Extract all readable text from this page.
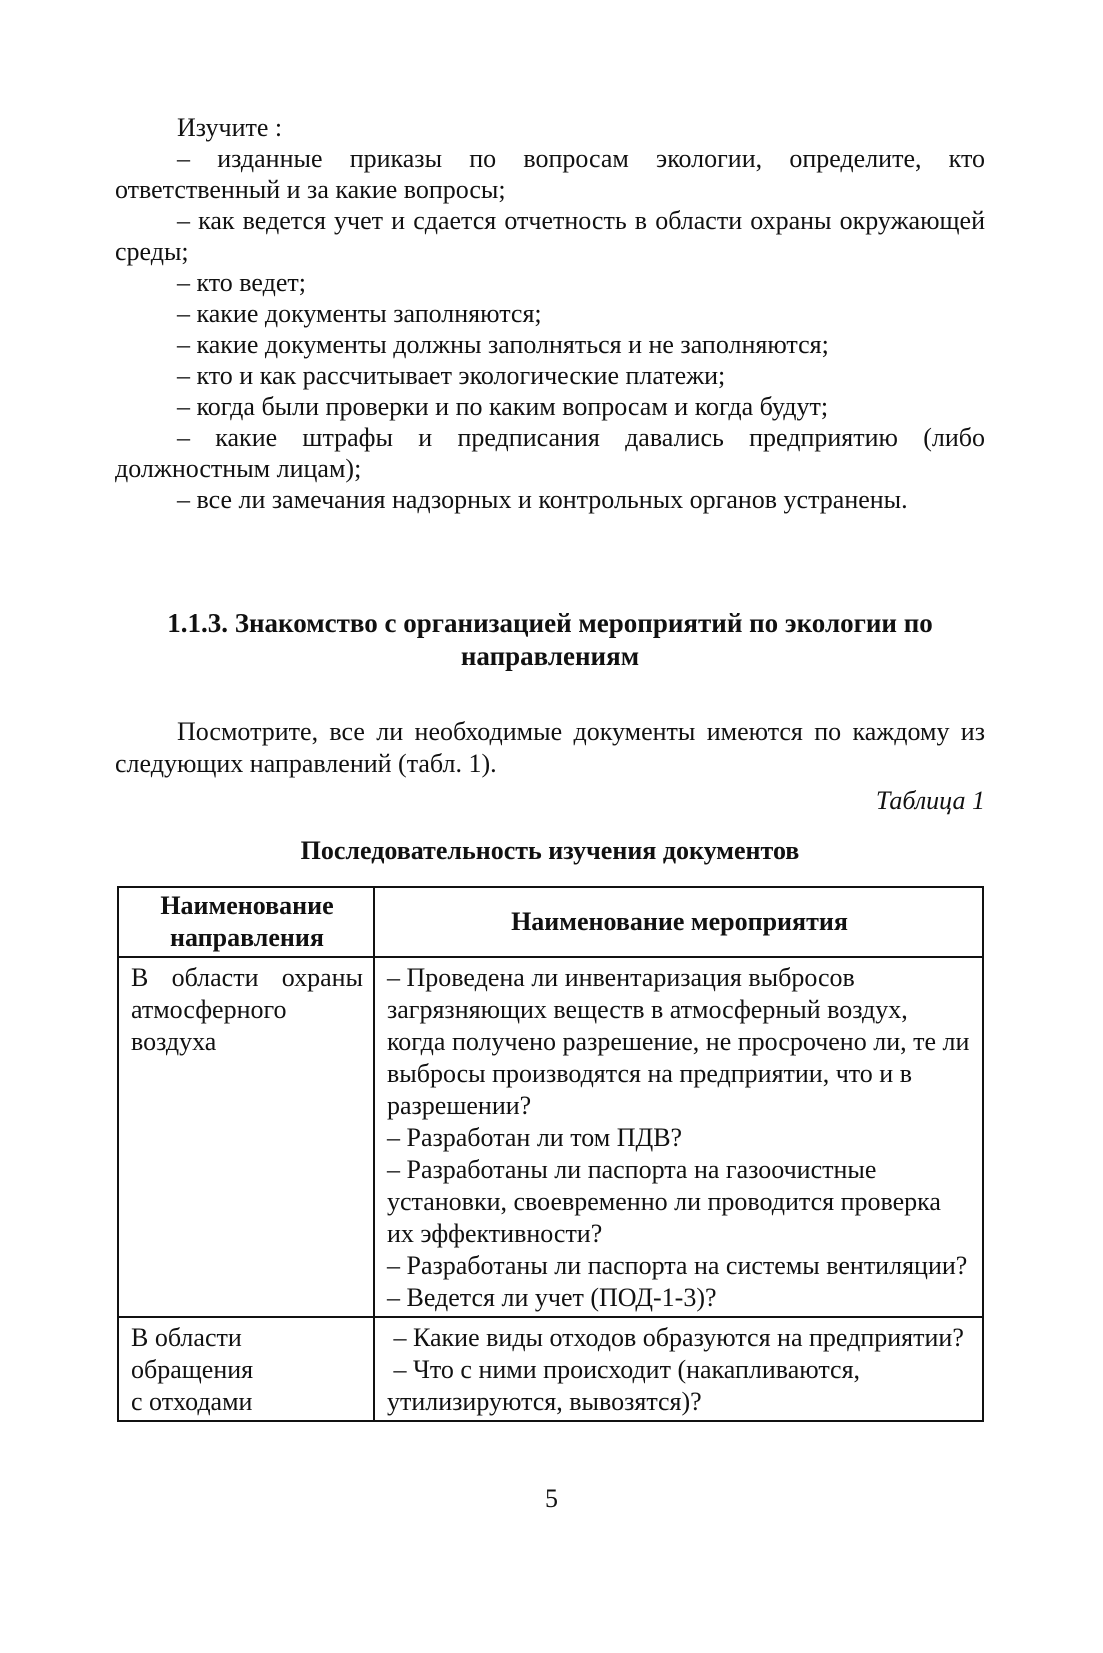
Изучите :

– изданные приказы по вопросам экологии, определите, кто ответственный и за какие вопросы;

– как ведется учет и сдается отчетность в области охраны окружающей среды;

– кто ведет;

– какие документы заполняются;

– какие документы должны заполняться и не заполняются;

– кто и как рассчитывает экологические платежи;

– когда были проверки и по каким вопросам и когда будут;

– какие штрафы и предписания давались предприятию (либо должностным лицам);

– все ли замечания надзорных и контрольных органов устранены.

1.1.3. Знакомство с организацией мероприятий по экологии по направлениям
Посмотрите, все ли необходимые документы имеются по каждому из следующих направлений (табл. 1).
Таблица 1
Последовательность изучения документов
Наименование направления	Наименование мероприятия
В области охраны атмосферного воздуха	– Проведена ли инвентаризация выбросов загрязняющих веществ в атмосферный воздух, когда получено разрешение, не просрочено ли, те ли выбросы производятся на предприятии, что и в разрешении?
– Разработан ли том ПДВ?
– Разработаны ли паспорта на газоочистные установки, своевременно ли проводится проверка их эффективности?
– Разработаны ли паспорта на системы вентиляции?
– Ведется ли учет (ПОД-1-3)?

В области
обращения
с отходами	– Какие виды отходов образуются на предприятии?
– Что с ними происходит (накапливаются, утилизируются, вывозятся)?
5
